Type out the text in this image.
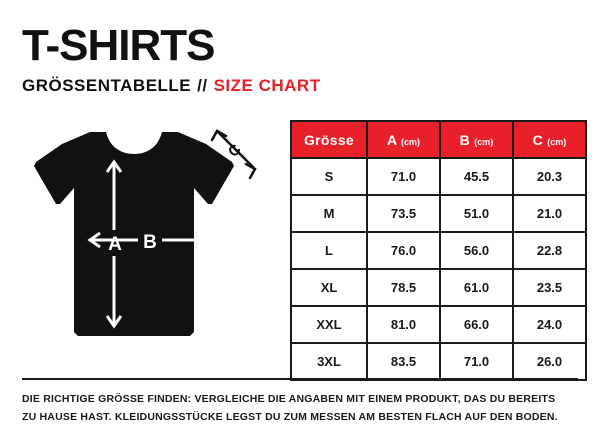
T-SHIRTS
GRÖSSENTABELLE // SIZE CHART
A B
C
Grösse	A (cm)	B (cm)	C (cm)
S	71.0	45.5	20.3
M	73.5	51.0	21.0
L	76.0	56.0	22.8
XL	78.5	61.0	23.5
XXL	81.0	66.0	24.0
3XL	83.5	71.0	26.0
DIE RICHTIGE GRÖSSE FINDEN: VERGLEICHE DIE ANGABEN MIT EINEM PRODUKT, DAS DU BEREITS
ZU HAUSE HAST. KLEIDUNGSSTÜCKE LEGST DU ZUM MESSEN AM BESTEN FLACH AUF DEN BODEN.
